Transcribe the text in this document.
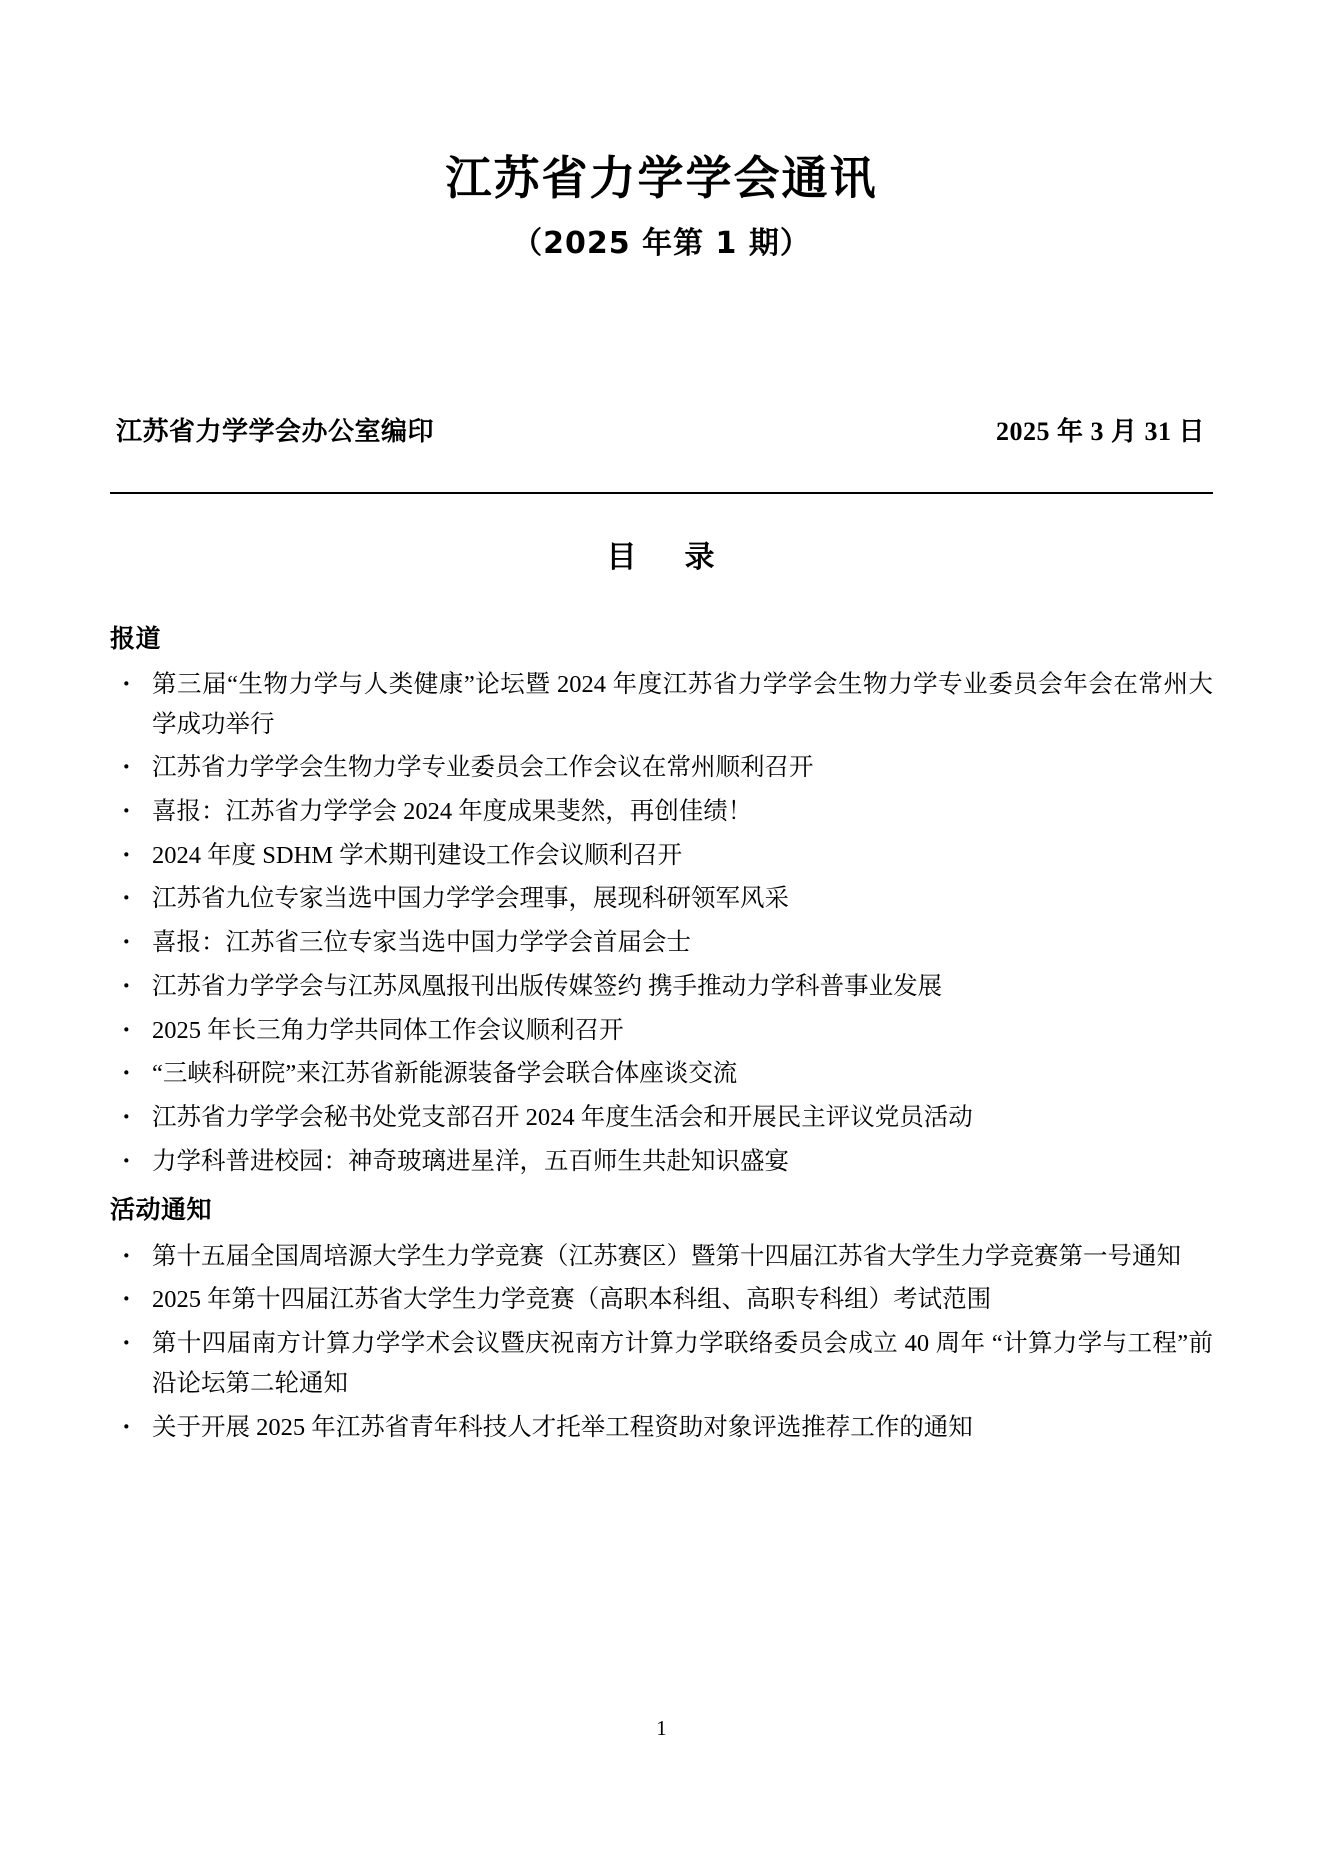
江苏省力学学会通讯
（2025 年第 1 期）
江苏省力学学会办公室编印	2025 年 3 月 31 日
目 录
报道
· 第三届“生物力学与人类健康”论坛暨 2024 年度江苏省力学学会生物力学专业委员会年会在常州大学成功举行
· 江苏省力学学会生物力学专业委员会工作会议在常州顺利召开
· 喜报：江苏省力学学会 2024 年度成果斐然，再创佳绩！
· 2024 年度 SDHM 学术期刊建设工作会议顺利召开
· 江苏省九位专家当选中国力学学会理事，展现科研领军风采
· 喜报：江苏省三位专家当选中国力学学会首届会士
· 江苏省力学学会与江苏凤凰报刊出版传媒签约 携手推动力学科普事业发展
· 2025 年长三角力学共同体工作会议顺利召开
· “三峡科研院”来江苏省新能源装备学会联合体座谈交流
· 江苏省力学学会秘书处党支部召开 2024 年度生活会和开展民主评议党员活动
· 力学科普进校园：神奇玻璃进星洋，五百师生共赴知识盛宴
活动通知
· 第十五届全国周培源大学生力学竞赛（江苏赛区）暨第十四届江苏省大学生力学竞赛第一号通知
· 2025 年第十四届江苏省大学生力学竞赛（高职本科组、高职专科组）考试范围
· 第十四届南方计算力学学术会议暨庆祝南方计算力学联络委员会成立 40 周年 “计算力学与工程”前沿论坛第二轮通知
· 关于开展 2025 年江苏省青年科技人才托举工程资助对象评选推荐工作的通知
1
